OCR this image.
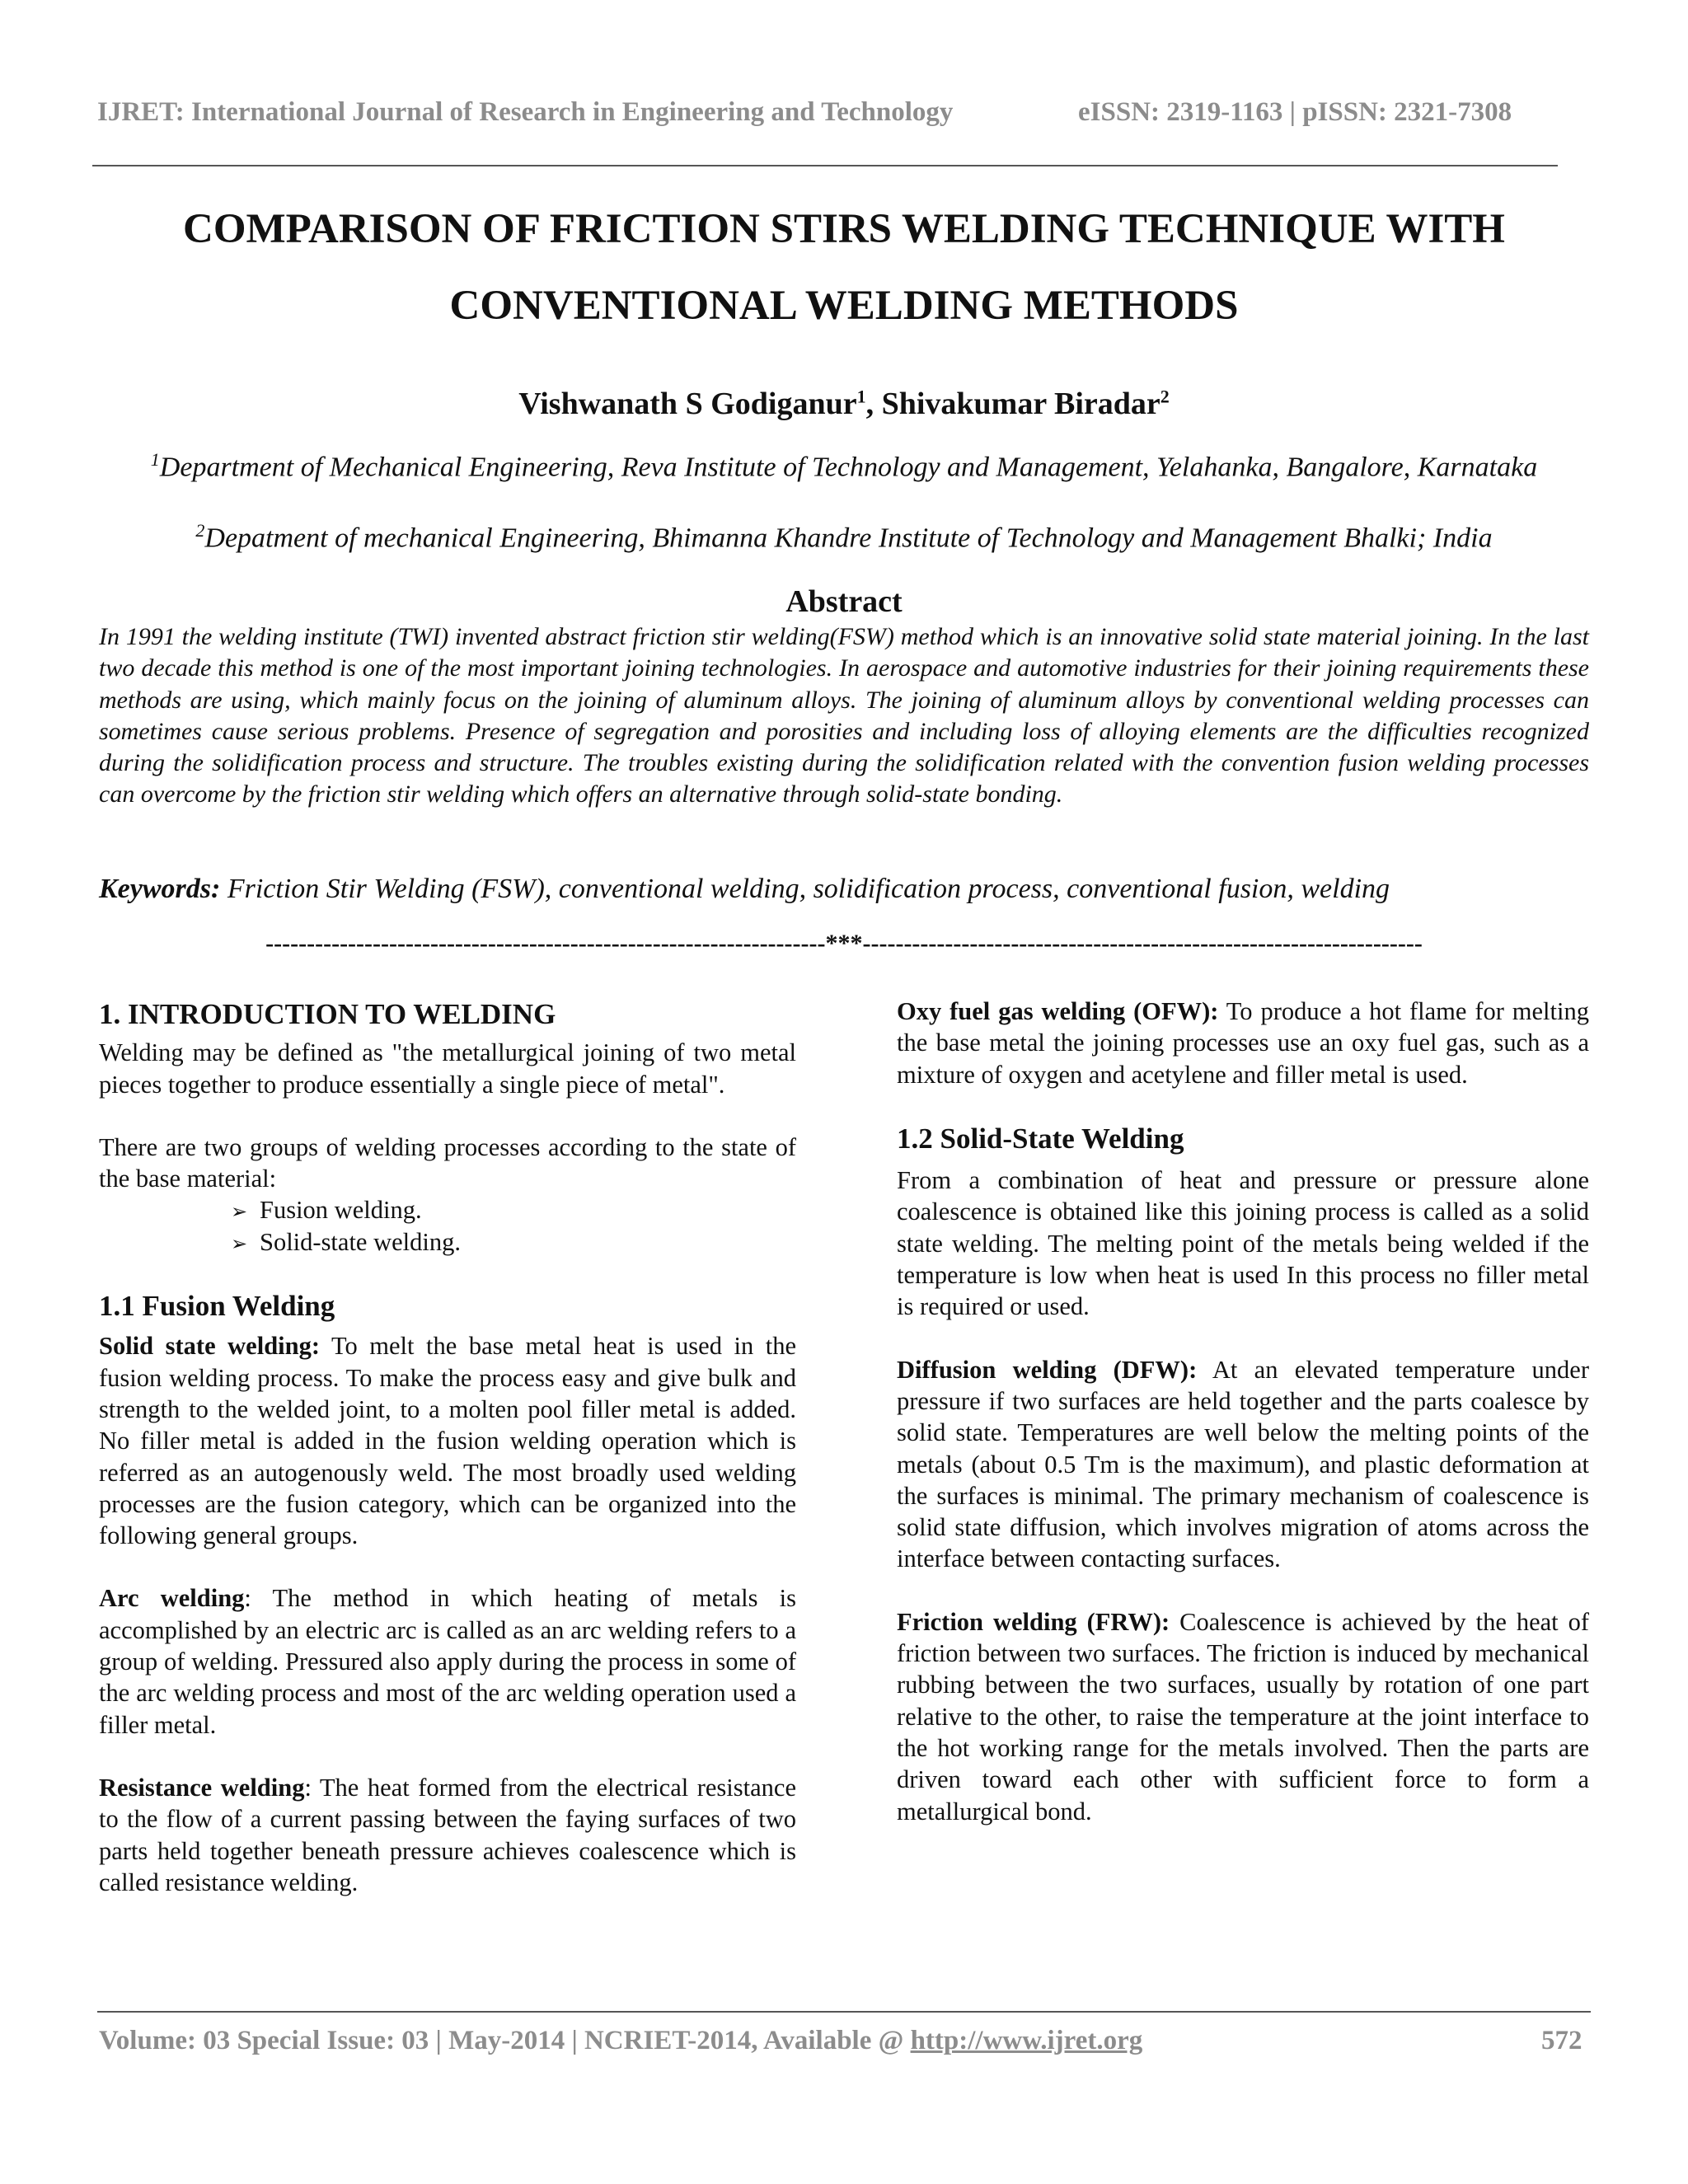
IJRET: International Journal of Research in Engineering and Technology	eISSN: 2319-1163 | pISSN: 2321-7308
COMPARISON OF FRICTION STIRS WELDING TECHNIQUE WITH
CONVENTIONAL WELDING METHODS
Vishwanath S Godiganur$^1$, Shivakumar Biradar$^2$
$^1$Department of Mechanical Engineering, Reva Institute of Technology and Management, Yelahanka, Bangalore, Karnataka
$^2$Depatment of mechanical Engineering, Bhimanna Khandre Institute of Technology and Management Bhalki; India
Abstract
In 1991 the welding institute (TWI) invented abstract friction stir welding(FSW) method which is an innovative solid state material joining. In the last two decade this method is one of the most important joining technologies. In aerospace and automotive industries for their joining requirements these methods are using, which mainly focus on the joining of aluminum alloys. The joining of aluminum alloys by conventional welding processes can sometimes cause serious problems. Presence of segregation and porosities and including loss of alloying elements are the difficulties recognized during the solidification process and structure. The troubles existing during the solidification related with the convention fusion welding processes can overcome by the friction stir welding which offers an alternative through solid-state bonding.
Keywords: Friction Stir Welding (FSW), conventional welding, solidification process, conventional fusion, welding
--------------------------------------------------------------------***--------------------------------------------------------------------
1. INTRODUCTION TO WELDING

Welding may be defined as "the metallurgical joining of two metal pieces together to produce essentially a single piece of metal".

There are two groups of welding processes according to the state of the base material:

➢ Fusion welding.
➢ Solid-state welding.
1.1 Fusion Welding

Solid state welding: To melt the base metal heat is used in the fusion welding process. To make the process easy and give bulk and strength to the welded joint, to a molten pool filler metal is added. No filler metal is added in the fusion welding operation which is referred as an autogenously weld. The most broadly used welding processes are the fusion category, which can be organized into the following general groups.

Arc welding: The method in which heating of metals is accomplished by an electric arc is called as an arc welding refers to a group of welding. Pressured also apply during the process in some of the arc welding process and most of the arc welding operation used a filler metal.

Resistance welding: The heat formed from the electrical resistance to the flow of a current passing between the faying surfaces of two parts held together beneath pressure achieves coalescence which is called resistance welding.

Oxy fuel gas welding (OFW): To produce a hot flame for melting the base metal the joining processes use an oxy fuel gas, such as a mixture of oxygen and acetylene and filler metal is used.

1.2 Solid-State Welding

From a combination of heat and pressure or pressure alone coalescence is obtained like this joining process is called as a solid state welding. The melting point of the metals being welded if the temperature is low when heat is used In this process no filler metal is required or used.

Diffusion welding (DFW): At an elevated temperature under pressure if two surfaces are held together and the parts coalesce by solid state. Temperatures are well below the melting points of the metals (about 0.5 Tm is the maximum), and plastic deformation at the surfaces is minimal. The primary mechanism of coalescence is solid state diffusion, which involves migration of atoms across the interface between contacting surfaces.

Friction welding (FRW): Coalescence is achieved by the heat of friction between two surfaces. The friction is induced by mechanical rubbing between the two surfaces, usually by rotation of one part relative to the other, to raise the temperature at the joint interface to the hot working range for the metals involved. Then the parts are driven toward each other with sufficient force to form a metallurgical bond.

Volume: 03 Special Issue: 03 | May-2014 | NCRIET-2014, Available @ http://www.ijret.org	572
